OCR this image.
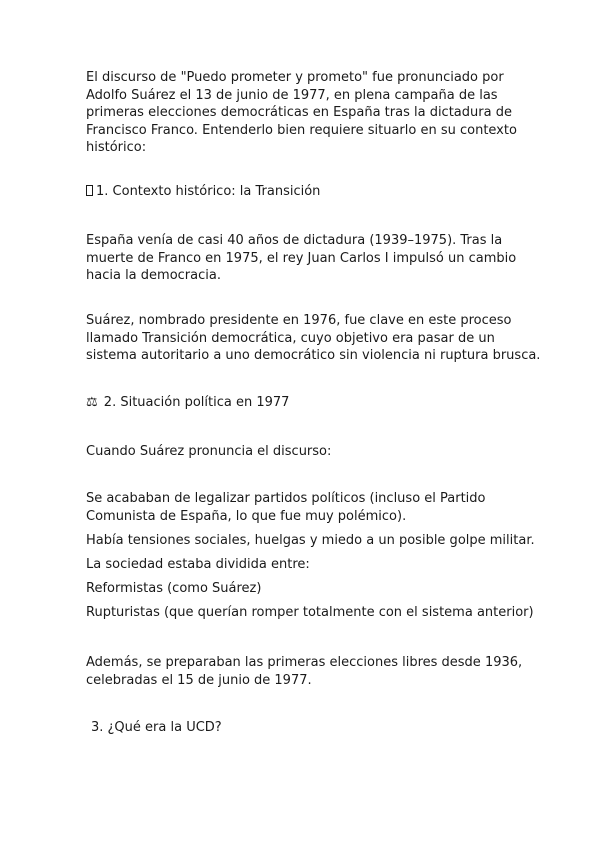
El discurso de "Puedo prometer y prometo" fue pronunciado por
Adolfo Suárez el 13 de junio de 1977, en plena campaña de las
primeras elecciones democráticas en España tras la dictadura de
Francisco Franco. Entenderlo bien requiere situarlo en su contexto
histórico:

1. Contexto histórico: la Transición

España venía de casi 40 años de dictadura (1939–1975). Tras la
muerte de Franco en 1975, el rey Juan Carlos I impulsó un cambio
hacia la democracia.

Suárez, nombrado presidente en 1976, fue clave en este proceso
llamado Transición democrática, cuyo objetivo era pasar de un
sistema autoritario a uno democrático sin violencia ni ruptura brusca.

⚖ 2. Situación política en 1977

Cuando Suárez pronuncia el discurso:

Se acababan de legalizar partidos políticos (incluso el Partido
Comunista de España, lo que fue muy polémico).

Había tensiones sociales, huelgas y miedo a un posible golpe militar.

La sociedad estaba dividida entre:

Reformistas (como Suárez)

Rupturistas (que querían romper totalmente con el sistema anterior)

Además, se preparaban las primeras elecciones libres desde 1936,
celebradas el 15 de junio de 1977.

3. ¿Qué era la UCD?
